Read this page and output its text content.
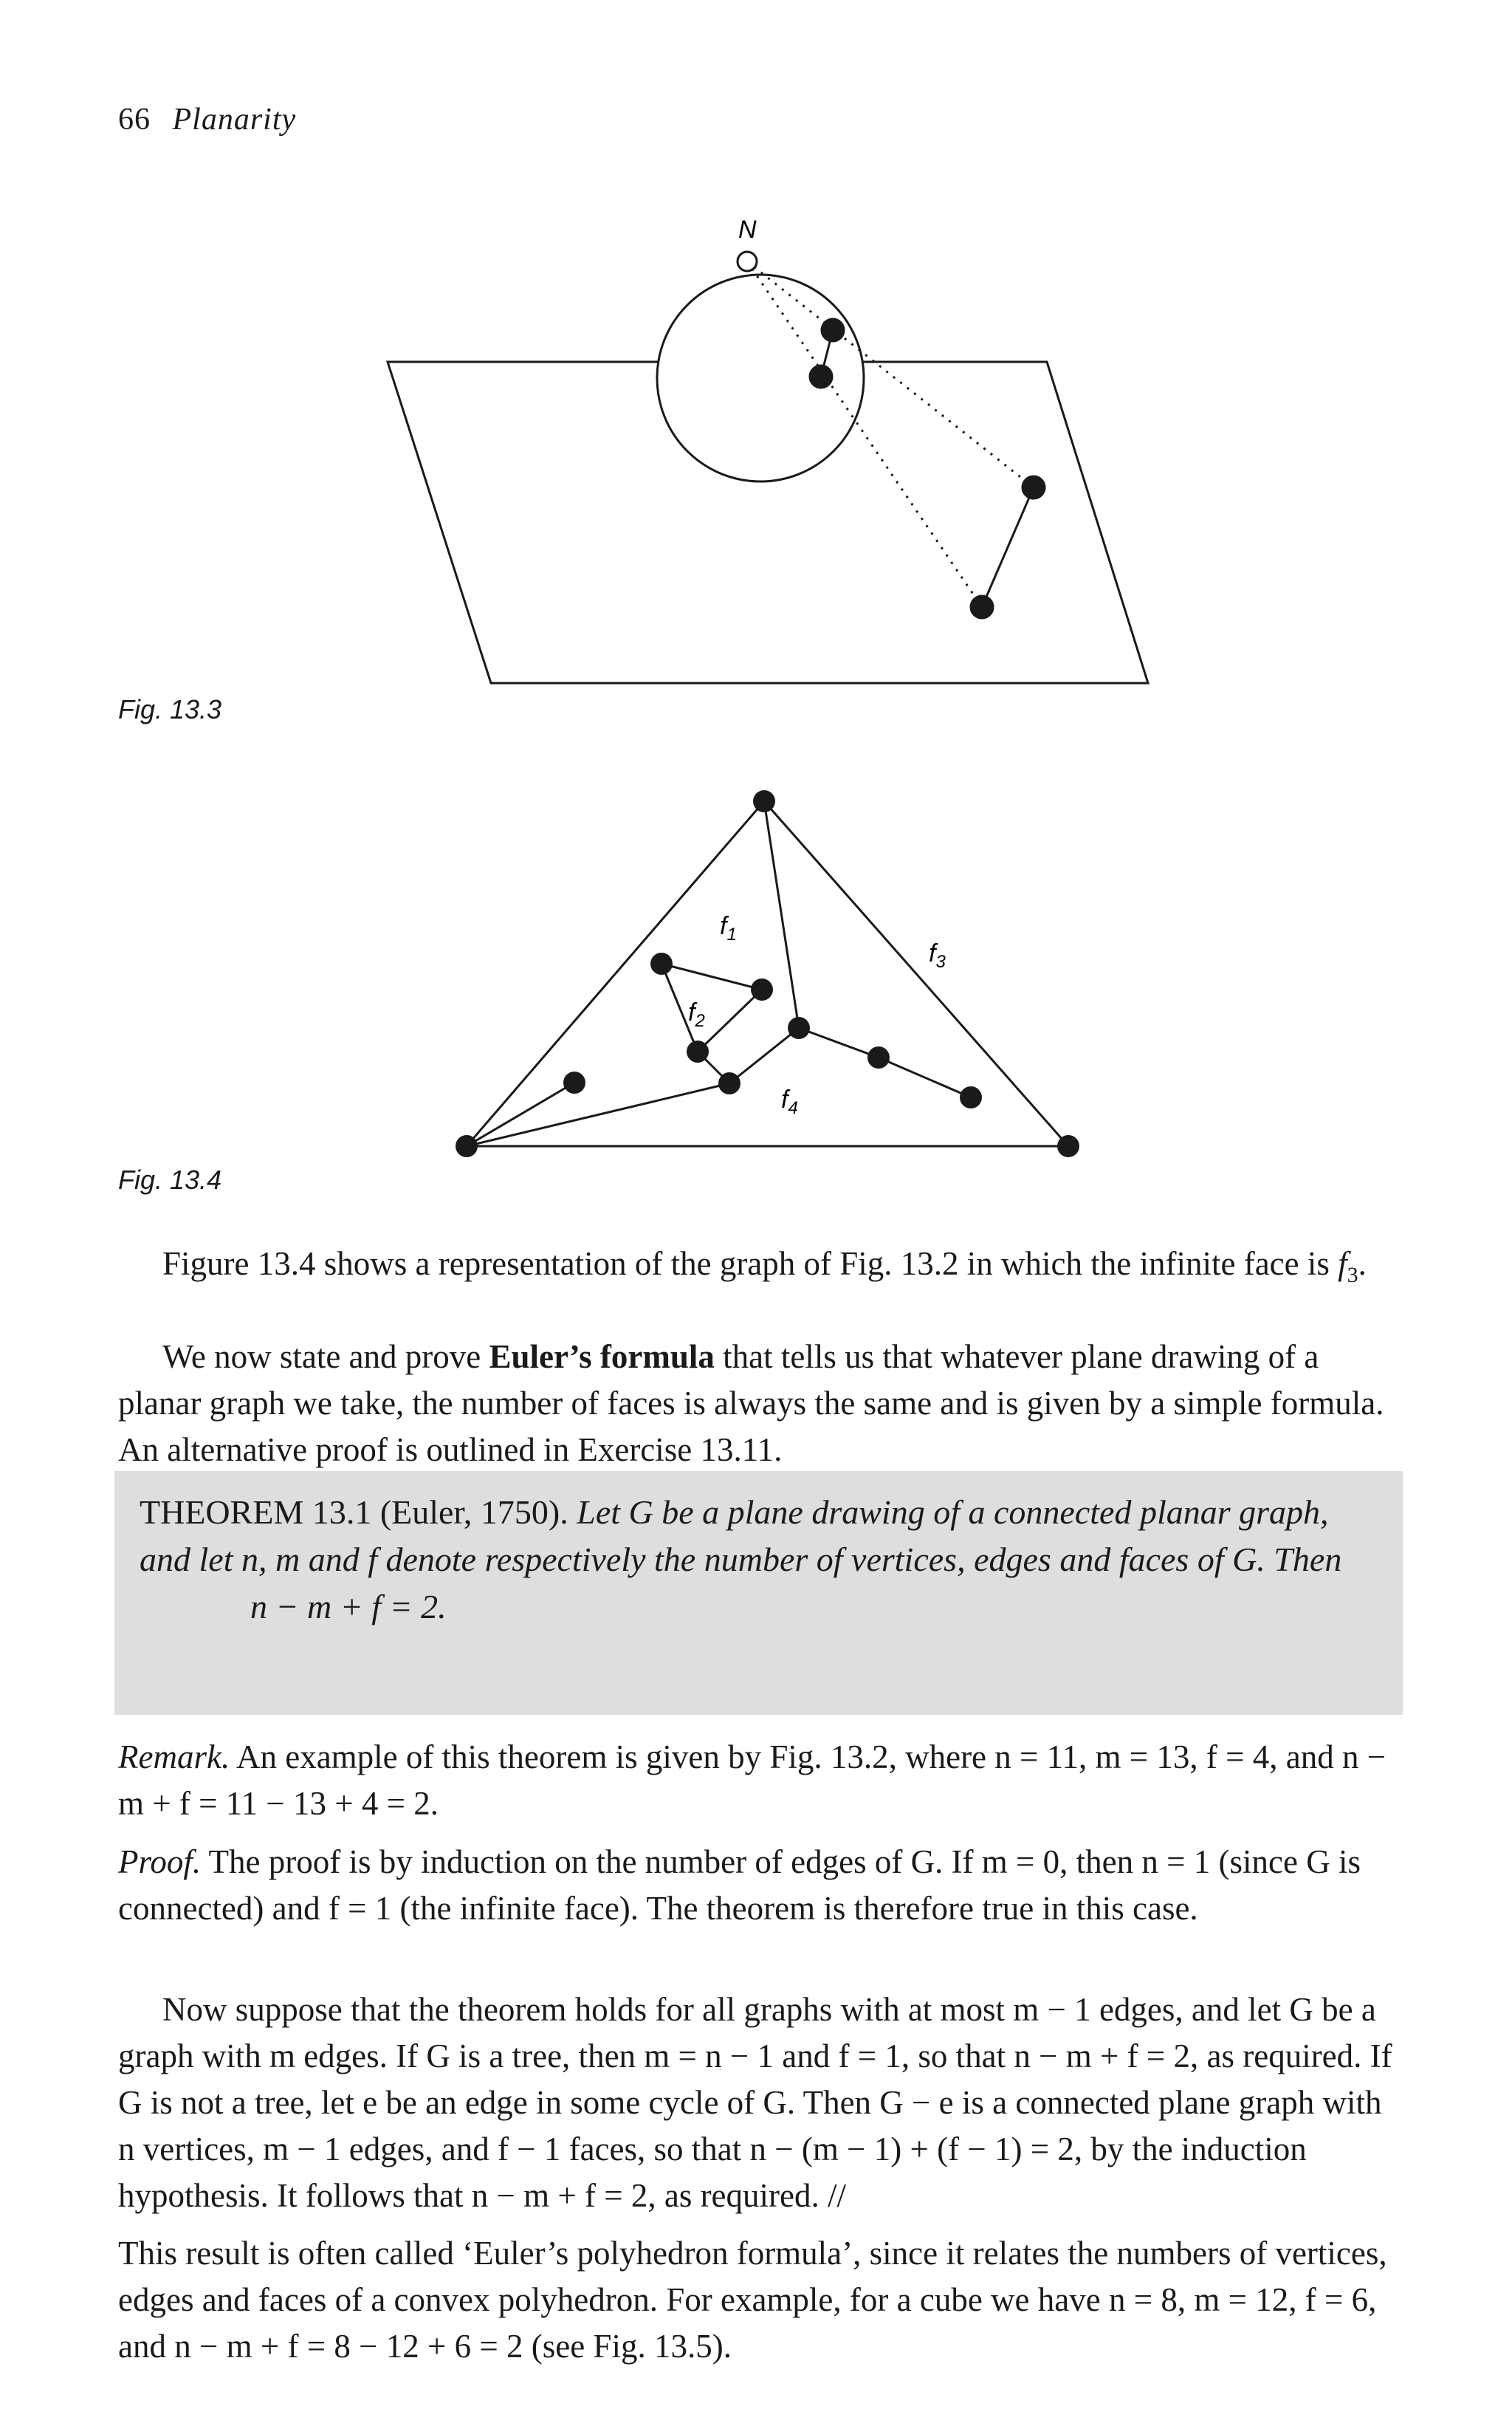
66 Planarity
N
$f_1$
$f_2$
$f_3$
$f_4$
Fig. 13.3
Fig. 13.4
Figure 13.4 shows a representation of the graph of Fig. 13.2 in which the infinite face is $f_3$.
We now state and prove Euler’s formula that tells us that whatever plane drawing of a planar graph we take, the number of faces is always the same and is given by a simple formula. An alternative proof is outlined in Exercise 13.11.
THEOREM 13.1 (Euler, 1750). Let G be a plane drawing of a connected planar graph, and let n, m and f denote respectively the number of vertices, edges and faces of G. Then
n − m + f = 2.
Remark. An example of this theorem is given by Fig. 13.2, where n = 11, m = 13, f = 4, and n − m + f = 11 − 13 + 4 = 2.
Proof. The proof is by induction on the number of edges of G. If m = 0, then n = 1 (since G is connected) and f = 1 (the infinite face). The theorem is therefore true in this case.
Now suppose that the theorem holds for all graphs with at most m − 1 edges, and let G be a graph with m edges. If G is a tree, then m = n − 1 and f = 1, so that n − m + f = 2, as required. If G is not a tree, let e be an edge in some cycle of G. Then G − e is a connected plane graph with n vertices, m − 1 edges, and f − 1 faces, so that n − (m − 1) + (f − 1) = 2, by the induction hypothesis. It follows that n − m + f = 2, as required. //
This result is often called ‘Euler’s polyhedron formula’, since it relates the numbers of vertices, edges and faces of a convex polyhedron. For example, for a cube we have n = 8, m = 12, f = 6, and n − m + f = 8 − 12 + 6 = 2 (see Fig. 13.5).
